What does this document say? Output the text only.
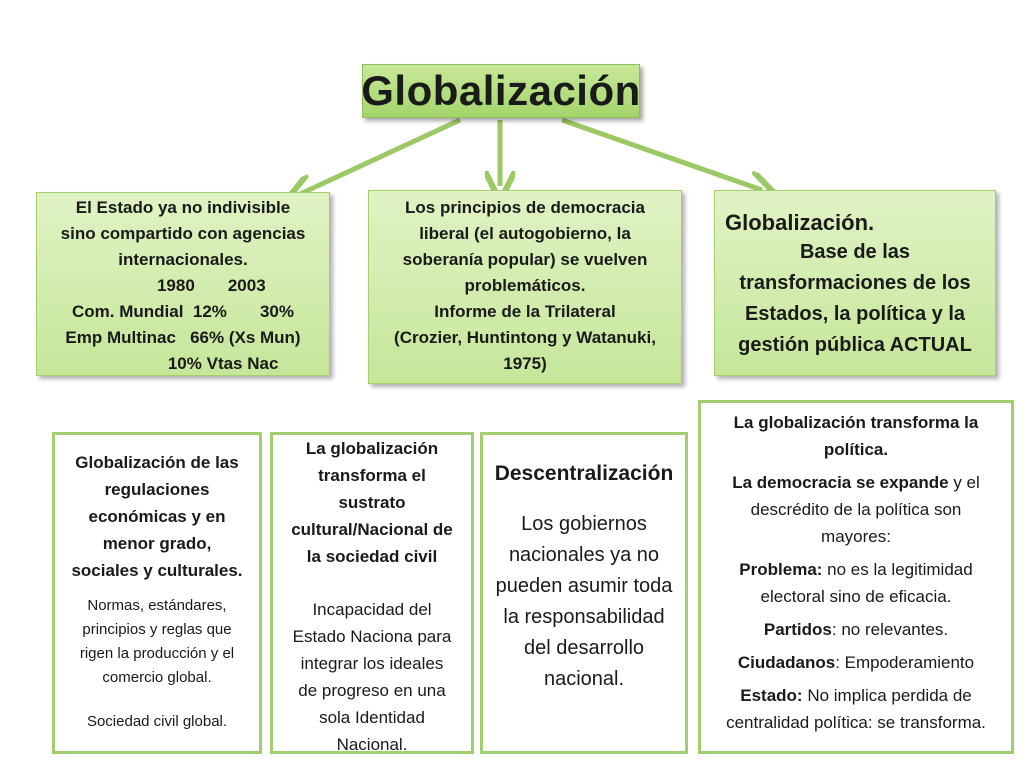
Globalización
El Estado ya no indivisible
sino compartido con agencias
internacionales.
1980       2003
Com. Mundial  12%       30%
Emp Multinac   66% (Xs Mun)
10% Vtas Nac
Los principios de democracia
liberal (el autogobierno, la
soberanía popular) se vuelven
problemáticos.
Informe de la Trilateral
(Crozier, Huntintong y Watanuki,
1975)
Globalización.
Base de las
transformaciones de los
Estados, la política y la
gestión pública ACTUAL
Globalización de las
regulaciones
económicas y en
menor grado,
sociales y culturales.
Normas, estándares,
principios y reglas que
rigen la producción y el
comercio global.
Sociedad civil global.
La globalización
transforma el
sustrato
cultural/Nacional de
la sociedad civil
Incapacidad del
Estado Naciona para
integrar los ideales
de progreso en una
sola Identidad
Nacional.
Descentralización
Los gobiernos
nacionales ya no
pueden asumir toda
la responsabilidad
del desarrollo
nacional.
La globalización transforma la
política.
La democracia se expande y el
descrédito de la política son
mayores:
Problema: no es la legitimidad
electoral sino de eficacia.
Partidos: no relevantes.
Ciudadanos: Empoderamiento
Estado: No implica perdida de
centralidad política: se transforma.
